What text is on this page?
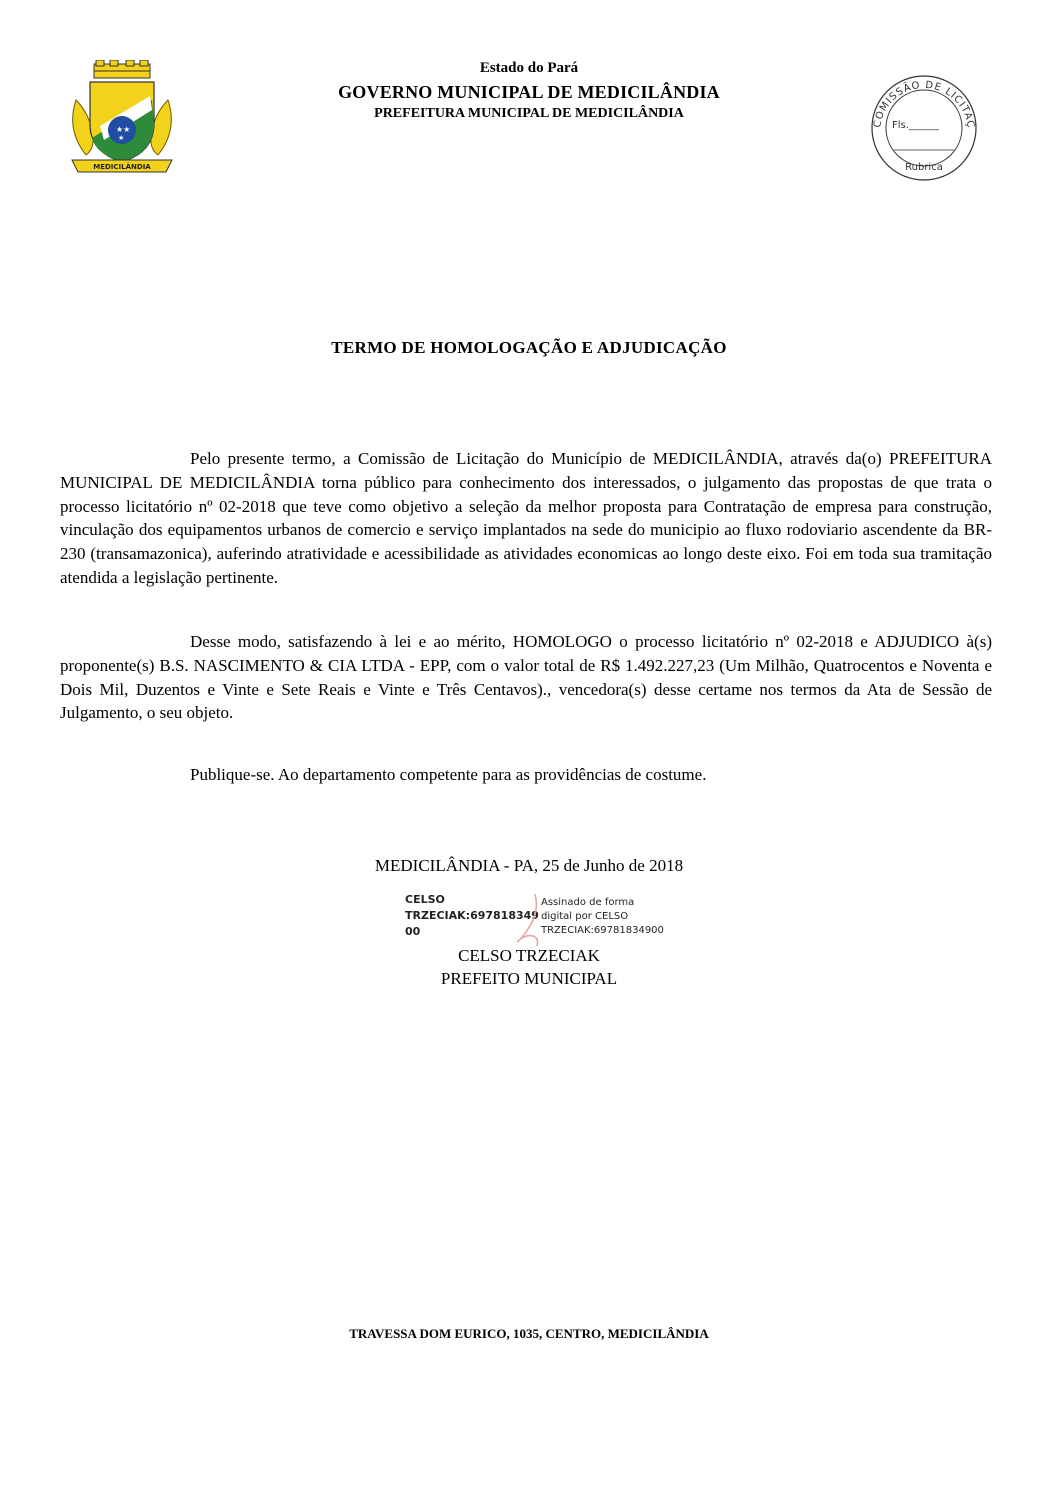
★★
★
MEDICILÂNDIA
Estado do Pará
GOVERNO MUNICIPAL DE MEDICILÂNDIA
PREFEITURA MUNICIPAL DE MEDICILÂNDIA
COMISSÃO DE LICITAÇ
Fls.______
Rubrica
TERMO DE HOMOLOGAÇÃO E ADJUDICAÇÃO
Pelo presente termo, a Comissão de Licitação do Município de MEDICILÂNDIA, através da(o) PREFEITURA MUNICIPAL DE MEDICILÂNDIA torna público para conhecimento dos interessados, o julgamento das propostas de que trata o processo licitatório nº 02-2018 que teve como objetivo a seleção da melhor proposta para Contratação de empresa para construção, vinculação dos equipamentos urbanos de comercio e serviço implantados na sede do municipio ao fluxo rodoviario ascendente da BR-230 (transamazonica), auferindo atratividade e acessibilidade as atividades economicas ao longo deste eixo. Foi em toda sua tramitação atendida a legislação pertinente.
Desse modo, satisfazendo à lei e ao mérito, HOMOLOGO o processo licitatório nº 02-2018 e ADJUDICO à(s) proponente(s) B.S. NASCIMENTO & CIA LTDA - EPP, com o valor total de R$ 1.492.227,23 (Um Milhão, Quatrocentos e Noventa e Dois Mil, Duzentos e Vinte e Sete Reais e Vinte e Três Centavos)., vencedora(s) desse certame nos termos da Ata de Sessão de Julgamento, o seu objeto.
Publique-se. Ao departamento competente para as providências de costume.
MEDICILÂNDIA - PA, 25 de Junho de 2018
CELSO
TRZECIAK:697818349
00
Assinado de forma
digital por CELSO
TRZECIAK:69781834900
CELSO TRZECIAK
PREFEITO MUNICIPAL
TRAVESSA DOM EURICO, 1035, CENTRO, MEDICILÂNDIA
